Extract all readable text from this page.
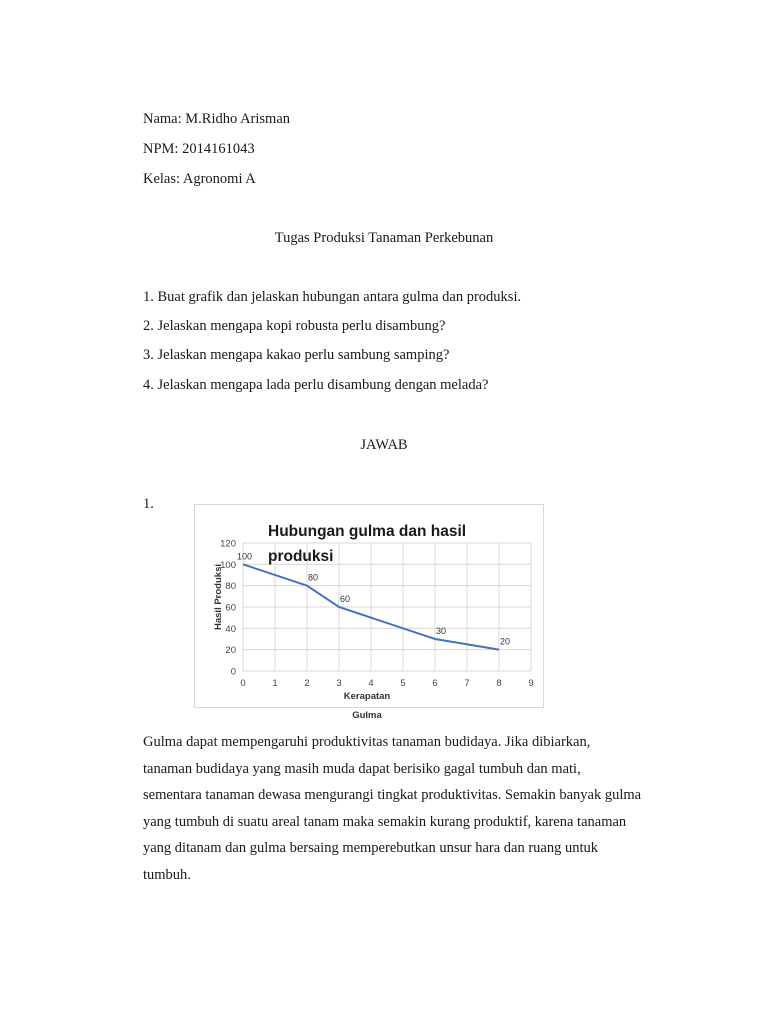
Nama: M.Ridho Arisman
NPM: 2014161043
Kelas: Agronomi A
Tugas Produksi Tanaman Perkebunan
1. Buat grafik dan jelaskan hubungan antara gulma dan produksi.
2. Jelaskan mengapa kopi robusta perlu disambung?
3. Jelaskan mengapa kakao perlu sambung samping?
4. Jelaskan mengapa lada perlu disambung dengan melada?
JAWAB
1.
0	1	2	3	4	5	6	7	8	9
0
20
40
60
80
100
120
100
80
60
30
20
Hubungan gulma dan hasil
produksi
Kerapatan
Gulma
Hasil Produksi
Gulma dapat mempengaruhi produktivitas tanaman budidaya. Jika dibiarkan,
tanaman budidaya yang masih muda dapat berisiko gagal tumbuh dan mati,
sementara tanaman dewasa mengurangi tingkat produktivitas. Semakin banyak gulma
yang tumbuh di suatu areal tanam maka semakin kurang produktif, karena tanaman
yang ditanam dan gulma bersaing memperebutkan unsur hara dan ruang untuk
tumbuh.
